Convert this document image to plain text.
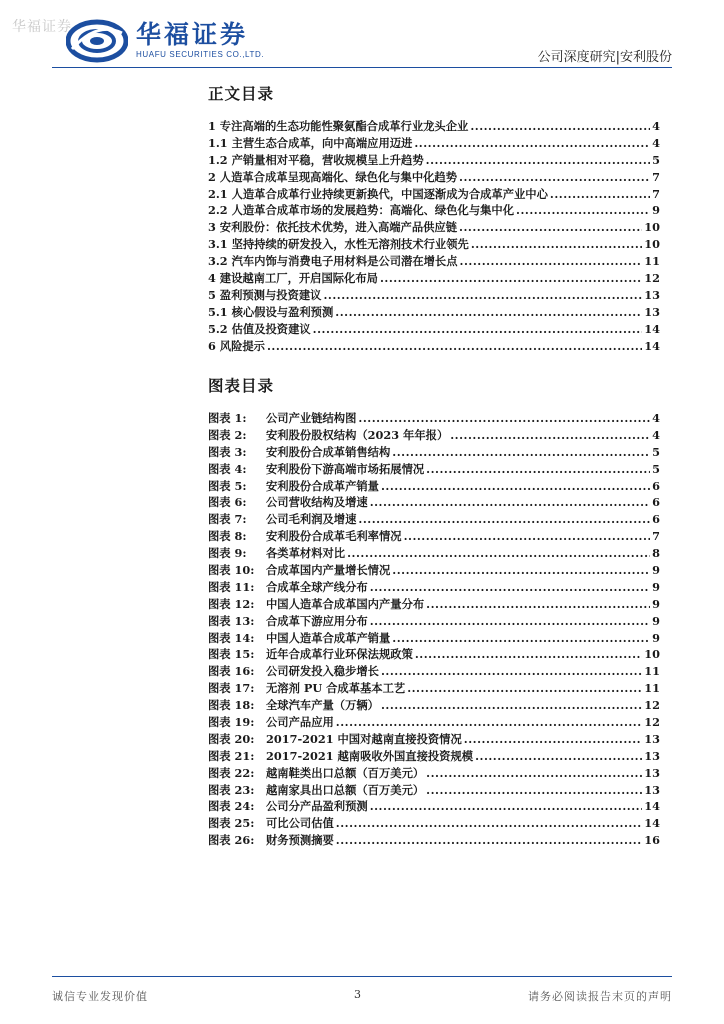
华福证券	华福证券
HUAFU SECURITIES CO.,LTD.	公司深度研究|安利股份
正文目录
1 专注高端的生态功能性聚氨酯合成革行业龙头企业 .....	4
1.1 主营生态合成革，向中高端应用迈进 .....	4
1.2 产销量相对平稳，营收规模呈上升趋势 .....	5
2 人造革合成革呈现高端化、绿色化与集中化趋势 .....	7
2.1 人造革合成革行业持续更新换代，中国逐渐成为合成革产业中心 .....	7
2.2 人造革合成革市场的发展趋势：高端化、绿色化与集中化 .....	9
3 安利股份：依托技术优势，进入高端产品供应链 .....	10
3.1 坚持持续的研发投入，水性无溶剂技术行业领先 .....	10
3.2 汽车内饰与消费电子用材料是公司潜在增长点 .....	11
4 建设越南工厂，开启国际化布局 .....	12
5 盈利预测与投资建议 .....	13
5.1 核心假设与盈利预测 .....	13
5.2 估值及投资建议 .....	14
6 风险提示 .....	14
图表目录
图表 1: 公司产业链结构图 .....	4
图表 2: 安利股份股权结构（2023 年年报） .....	4
图表 3: 安利股份合成革销售结构 .....	5
图表 4: 安利股份下游高端市场拓展情况 .....	5
图表 5: 安利股份合成革产销量 .....	6
图表 6: 公司营收结构及增速 .....	6
图表 7: 公司毛利润及增速 .....	6
图表 8: 安利股份合成革毛利率情况 .....	7
图表 9: 各类革材料对比 .....	8
图表 10: 合成革国内产量增长情况 .....	9
图表 11: 合成革全球产线分布 .....	9
图表 12: 中国人造革合成革国内产量分布 .....	9
图表 13: 合成革下游应用分布 .....	9
图表 14: 中国人造革合成革产销量 .....	9
图表 15: 近年合成革行业环保法规政策 .....	10
图表 16: 公司研发投入稳步增长 .....	11
图表 17: 无溶剂 PU 合成革基本工艺 .....	11
图表 18: 全球汽车产量（万辆） .....	12
图表 19: 公司产品应用 .....	12
图表 20: 2017-2021 中国对越南直接投资情况 .....	13
图表 21: 2017-2021 越南吸收外国直接投资规模 .....	13
图表 22: 越南鞋类出口总额（百万美元） .....	13
图表 23: 越南家具出口总额（百万美元） .....	13
图表 24: 公司分产品盈利预测 .....	14
图表 25: 可比公司估值 .....	14
图表 26: 财务预测摘要 .....	16
诚信专业发现价值	3	请务必阅读报告末页的声明
